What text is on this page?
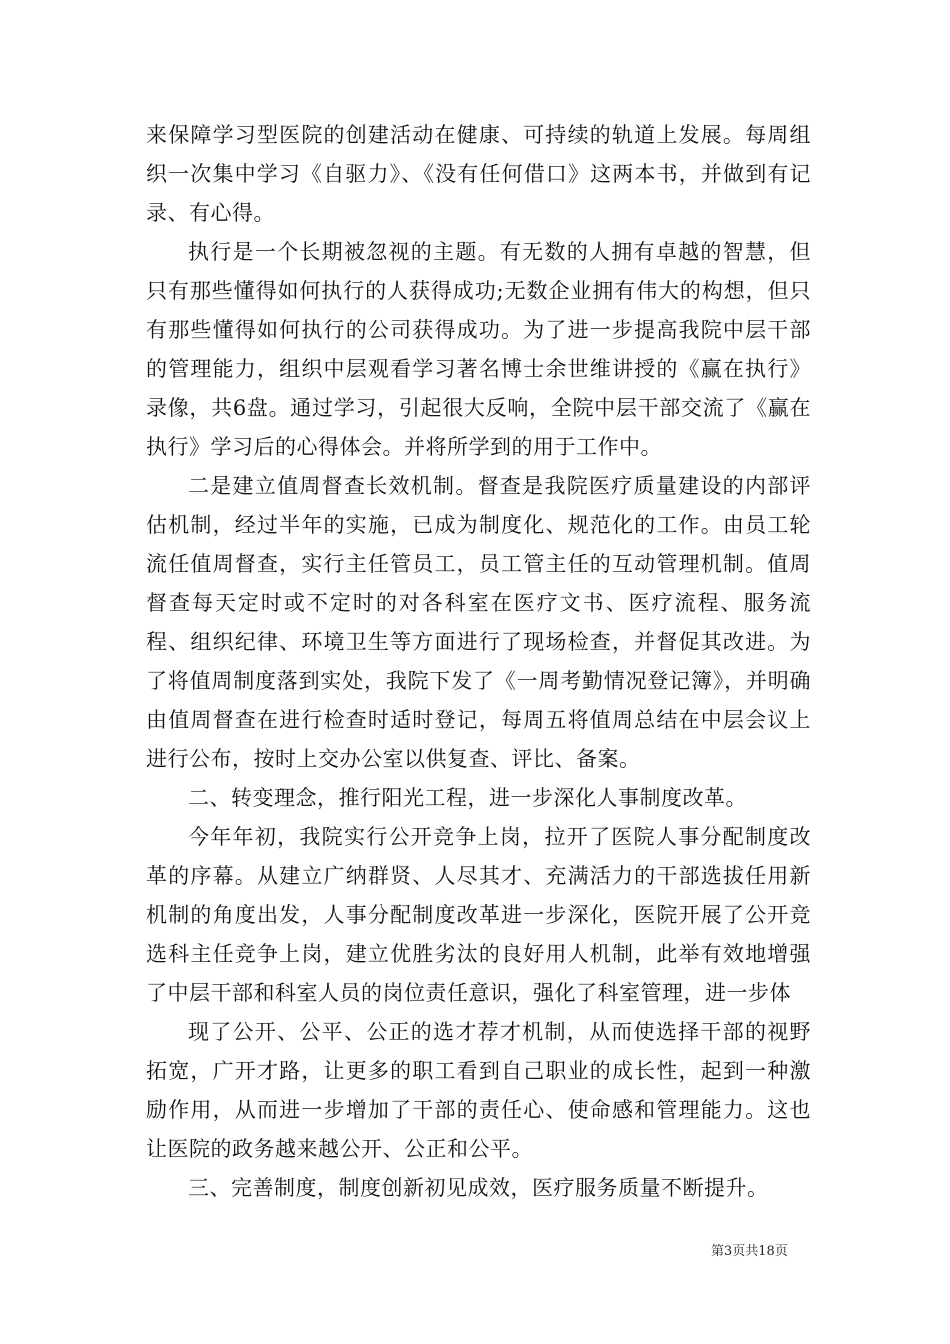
来保障学习型医院的创建活动在健康、可持续的轨道上发展。每周组织一次集中学习《自驱力》、《没有任何借口》这两本书，并做到有记录、有心得。

执行是一个长期被忽视的主题。有无数的人拥有卓越的智慧，但只有那些懂得如何执行的人获得成功;无数企业拥有伟大的构想，但只有那些懂得如何执行的公司获得成功。为了进一步提高我院中层干部的管理能力，组织中层观看学习著名博士余世维讲授的《赢在执行》录像，共6盘。通过学习，引起很大反响，全院中层干部交流了《赢在执行》学习后的心得体会。并将所学到的用于工作中。

二是建立值周督查长效机制。督查是我院医疗质量建设的内部评估机制，经过半年的实施，已成为制度化、规范化的工作。由员工轮流任值周督查，实行主任管员工，员工管主任的互动管理机制。值周督查每天定时或不定时的对各科室在医疗文书、医疗流程、服务流程、组织纪律、环境卫生等方面进行了现场检查，并督促其改进。为了将值周制度落到实处，我院下发了《一周考勤情况登记簿》，并明确由值周督查在进行检查时适时登记，每周五将值周总结在中层会议上进行公布，按时上交办公室以供复查、评比、备案。

二、转变理念，推行阳光工程，进一步深化人事制度改革。

今年年初，我院实行公开竞争上岗，拉开了医院人事分配制度改革的序幕。从建立广纳群贤、人尽其才、充满活力的干部选拔任用新机制的角度出发，人事分配制度改革进一步深化，医院开展了公开竞选科主任竞争上岗，建立优胜劣汰的良好用人机制，此举有效地增强了中层干部和科室人员的岗位责任意识，强化了科室管理，进一步体

现了公开、公平、公正的选才荐才机制，从而使选择干部的视野拓宽，广开才路，让更多的职工看到自己职业的成长性，起到一种激励作用，从而进一步增加了干部的责任心、使命感和管理能力。这也让医院的政务越来越公开、公正和公平。

三、完善制度，制度创新初见成效，医疗服务质量不断提升。

第3页共18页
